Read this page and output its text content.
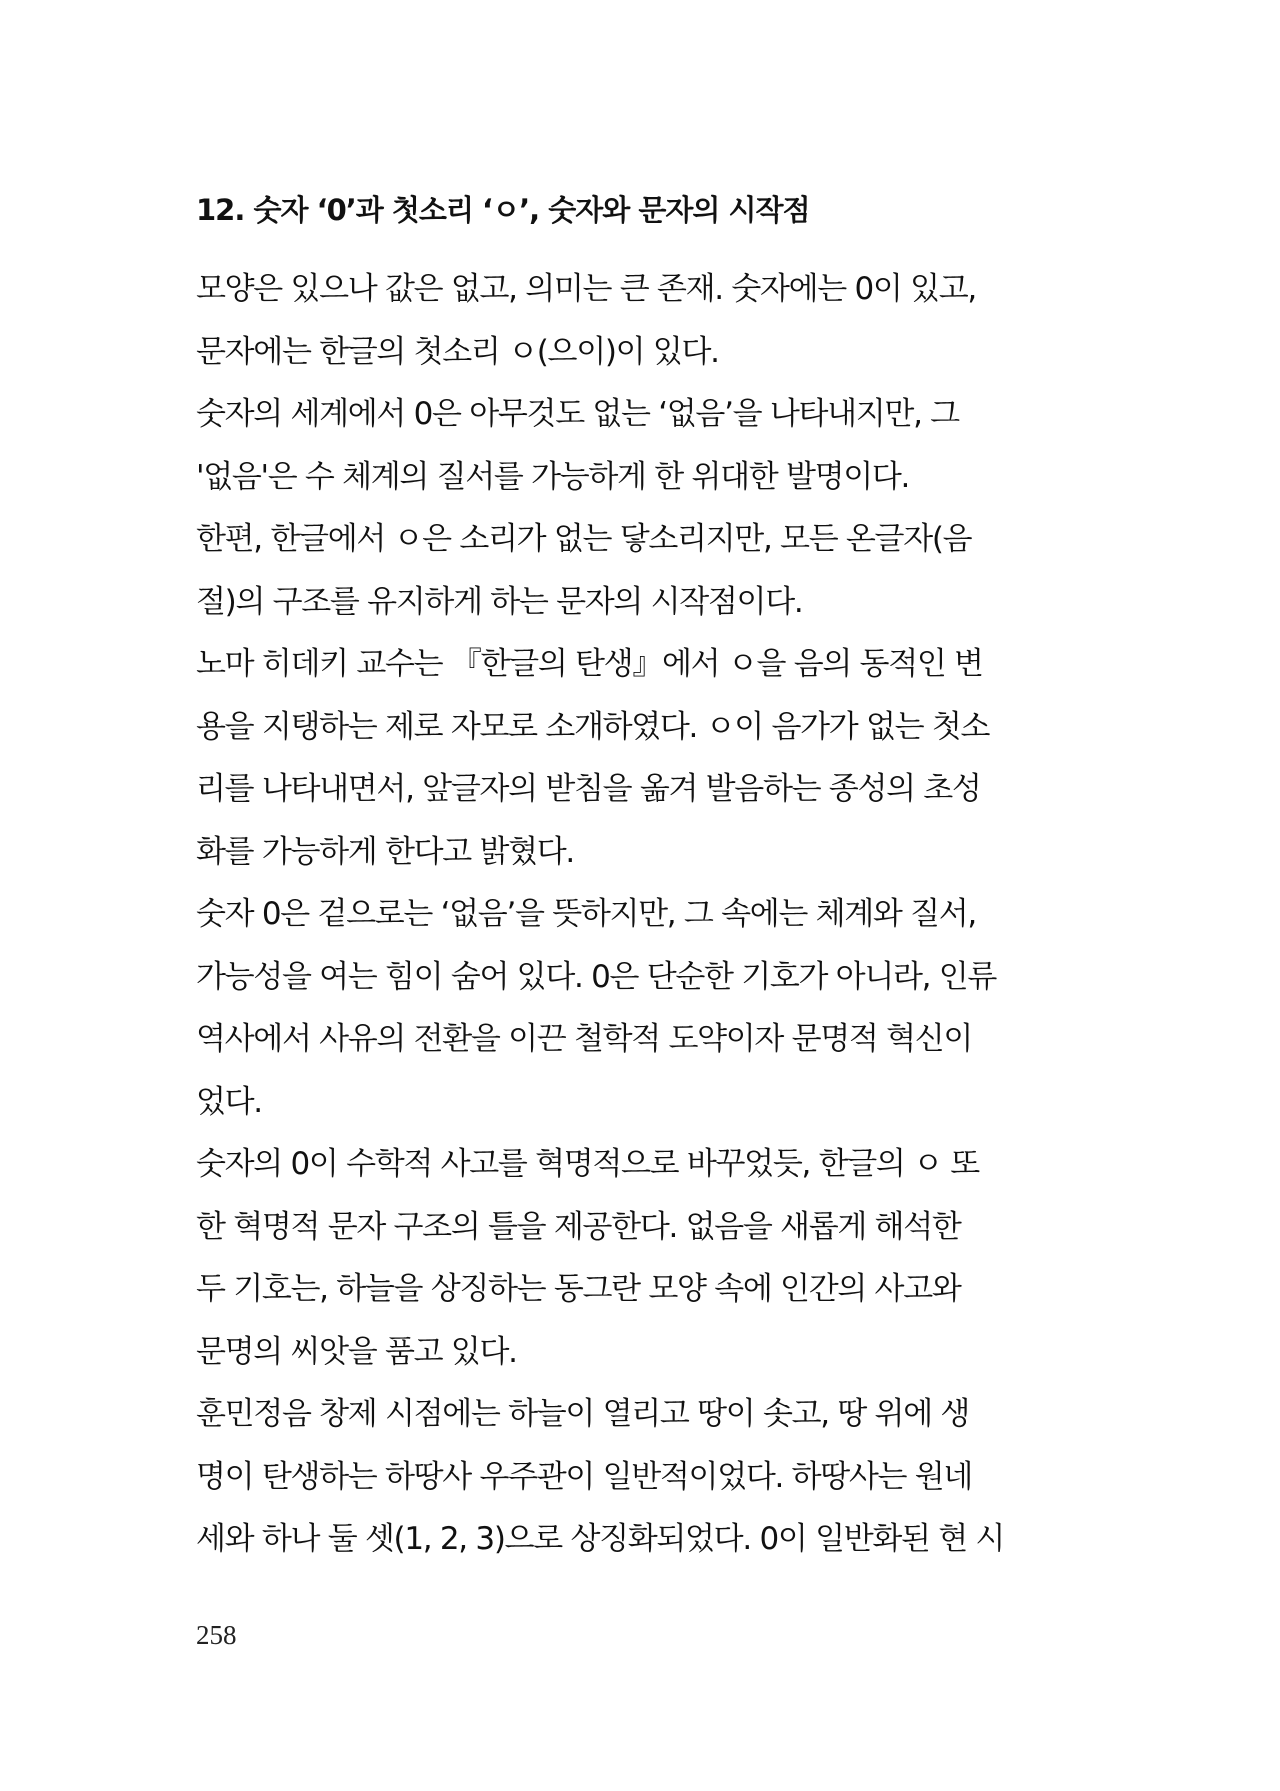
12. 숫자 ‘0’과 첫소리 ‘ㅇ’, 숫자와 문자의 시작점
모양은 있으나 값은 없고, 의미는 큰 존재. 숫자에는 0이 있고,
문자에는 한글의 첫소리 ㅇ(으이)이 있다.
숫자의 세계에서 0은 아무것도 없는 ‘없음’을 나타내지만, 그
'없음'은 수 체계의 질서를 가능하게 한 위대한 발명이다.
한편, 한글에서 ㅇ은 소리가 없는 닿소리지만, 모든 온글자(음
절)의 구조를 유지하게 하는 문자의 시작점이다.
노마 히데키 교수는 『한글의 탄생』에서 ㅇ을 음의 동적인 변
용을 지탱하는 제로 자모로 소개하였다. ㅇ이 음가가 없는 첫소
리를 나타내면서, 앞글자의 받침을 옮겨 발음하는 종성의 초성
화를 가능하게 한다고 밝혔다.
숫자 0은 겉으로는 ‘없음’을 뜻하지만, 그 속에는 체계와 질서,
가능성을 여는 힘이 숨어 있다. 0은 단순한 기호가 아니라, 인류
역사에서 사유의 전환을 이끈 철학적 도약이자 문명적 혁신이
었다.
숫자의 0이 수학적 사고를 혁명적으로 바꾸었듯, 한글의 ㅇ 또
한 혁명적 문자 구조의 틀을 제공한다. 없음을 새롭게 해석한
두 기호는, 하늘을 상징하는 동그란 모양 속에 인간의 사고와
문명의 씨앗을 품고 있다.
훈민정음 창제 시점에는 하늘이 열리고 땅이 솟고, 땅 위에 생
명이 탄생하는 하땅사 우주관이 일반적이었다. 하땅사는 원네
세와 하나 둘 셋(1, 2, 3)으로 상징화되었다. 0이 일반화된 현 시
258
